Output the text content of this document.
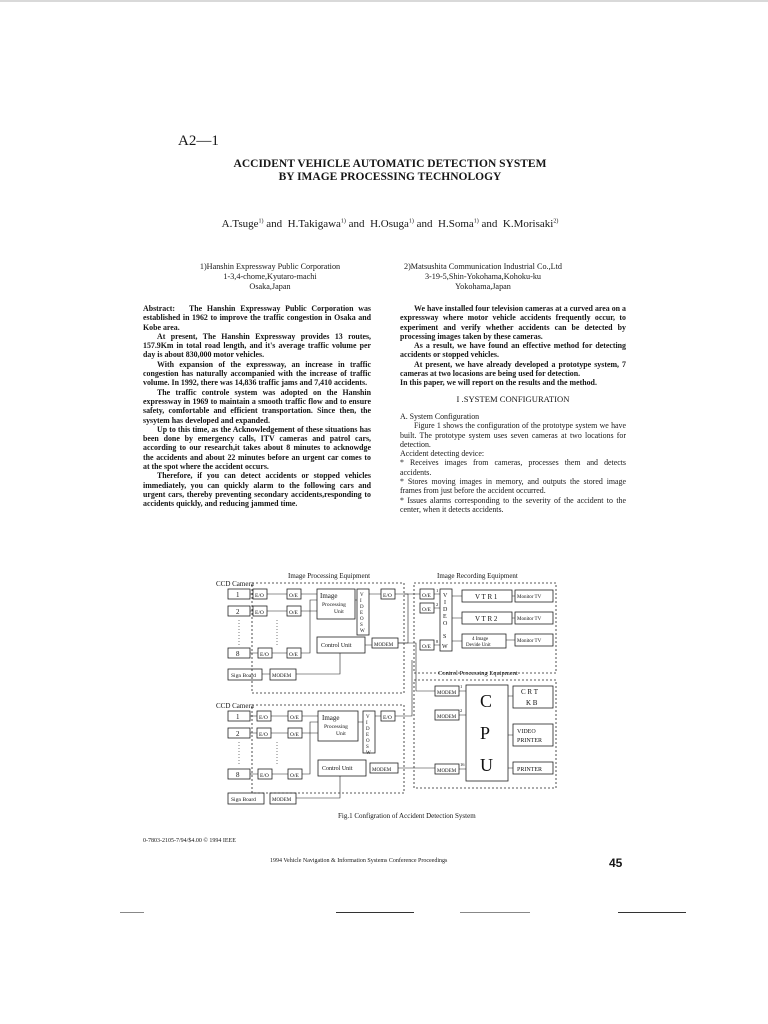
A2—1
ACCIDENT VEHICLE AUTOMATIC DETECTION SYSTEM
BY IMAGE PROCESSING TECHNOLOGY
A.Tsuge$^{1)}$ and  H.Takigawa$^{1)}$ and  H.Osuga$^{1)}$ and  H.Soma$^{1)}$ and  K.Morisaki$^{2)}$
1)Hanshin Expressway Public Corporation
1-3,4-chome,Kyutaro-machi
Osaka,Japan
2)Matsushita Communication Industrial Co.,Ltd
3-19-5,Shin-Yokohama,Kohoku-ku
Yokohama,Japan

Abstract: The Hanshin Expressway Public Corporation was established in 1962 to improve the traffic congestion in Osaka and Kobe area.

At present, The Hanshin Expressway provides 13 routes, 157.9Km in total road length, and it's average traffic volume per day is about 830,000 motor vehicles.

With expansion of the expressway, an increase in traffic congestion has naturally accompanied with the increase of traffic volume. In 1992, there was 14,836 traffic jams and 7,410 accidents.

The traffic controle system was adopted on the Hanshin expressway in 1969 to maintain a smooth traffic flow and to ensure safety, comfortable and efficient transportation. Since then, the sysytem has developed and expanded.

Up to this time, as the Acknowledgement of these situations has been done by emergency calls, ITV cameras and patrol cars, according to our research,it takes about 8 minutes to acknowdge the accidents and about 22 minutes before an urgent car comes to at the spot where the accident occurs.

Therefore, if you can detect accidents or stopped vehicles immediately, you can quickly alarm to the following cars and urgent cars, thereby preventing secondary accidents,responding to accidents quickly, and reducing jammed time.

We have installed four television cameras at a curved area on a expressway where motor vehicle accidents frequently occur, to experiment and verify whether accidents can be detected by processing images taken by these cameras.

As a result, we have found an effective method for detecting accidents or stopped vehicles.

At present, we have already developed a prototype system, 7 cameras at two locasions are being used for detection.

In this paper, we will report on the results and the method.

I .SYSTEM CONFIGURATION

A. System Configuration

Figure 1 shows the configuration of the prototype system we have built. The prototype system uses seven cameras at two locations for detection.

Accident detecting device:

* Receives images from cameras, processes them and detects accidents.

* Stores moving images in memory, and outputs the stored image frames from just before the accident occurred.

* Issues alarms corresponding to the severity of the accident to the center, when it detects accidents.

Image Processing Equipment	Image Recording Equipment
Control Processing Equipment
CCD Camera
1
2
8
E/O
E/O
E/O
O/E
O/E
O/E
E/O
Image
Processing
Unit
V
I
D
E
O
S
W
Control Unit	MODEM
Sign Board	MODEM
O/E
O/E
O/E
1
2
8
V
I
D
E
O
S
W
V T R 1
V T R 2
Monitor TV
Monitor TV
Monitor TV
4 Image
Devide Unit
MODEM
MODEM
MODEM
1
2
16
C
P
U
C R T
K B
VIDEO
PRINTER
PRINTER
CCD Camera
1
2
8
E/O
E/O
E/O
O/E
O/E
O/E
E/O
Image
Processing
Unit
V
I
D
E
O
S
W
Control Unit	MODEM
Sign Board	MODEM
Fig.1 Configration of Accident Detection System
0-7803-2105-7/94/$4.00 © 1994 IEEE
1994 Vehicle Navigation & Information Systems Conference Proceedings	45
